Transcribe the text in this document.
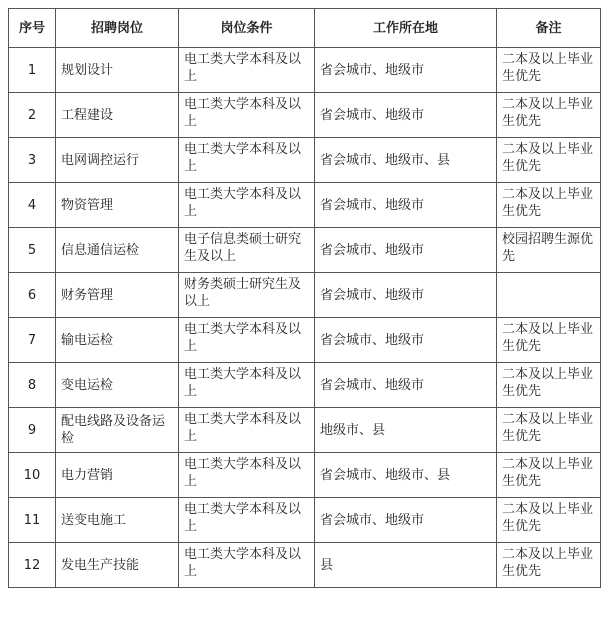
序号	招聘岗位	岗位条件	工作所在地	备注
1	规划设计	电工类大学本科及以上	省会城市、地级市	二本及以上毕业生优先

2	工程建设	电工类大学本科及以上	省会城市、地级市	二本及以上毕业生优先

3	电网调控运行	电工类大学本科及以上	省会城市、地级市、县	二本及以上毕业生优先

4	物资管理	电工类大学本科及以上	省会城市、地级市	二本及以上毕业生优先

5	信息通信运检	电子信息类硕士研究生及以上	省会城市、地级市	校园招聘生源优先

6	财务管理	财务类硕士研究生及以上	省会城市、地级市	

7	输电运检	电工类大学本科及以上	省会城市、地级市	二本及以上毕业生优先

8	变电运检	电工类大学本科及以上	省会城市、地级市	二本及以上毕业生优先

9	配电线路及设备运检	电工类大学本科及以上	地级市、县	二本及以上毕业生优先

10	电力营销	电工类大学本科及以上	省会城市、地级市、县	二本及以上毕业生优先

11	送变电施工	电工类大学本科及以上	省会城市、地级市	二本及以上毕业生优先

12	发电生产技能	电工类大学本科及以上	县	二本及以上毕业生优先
